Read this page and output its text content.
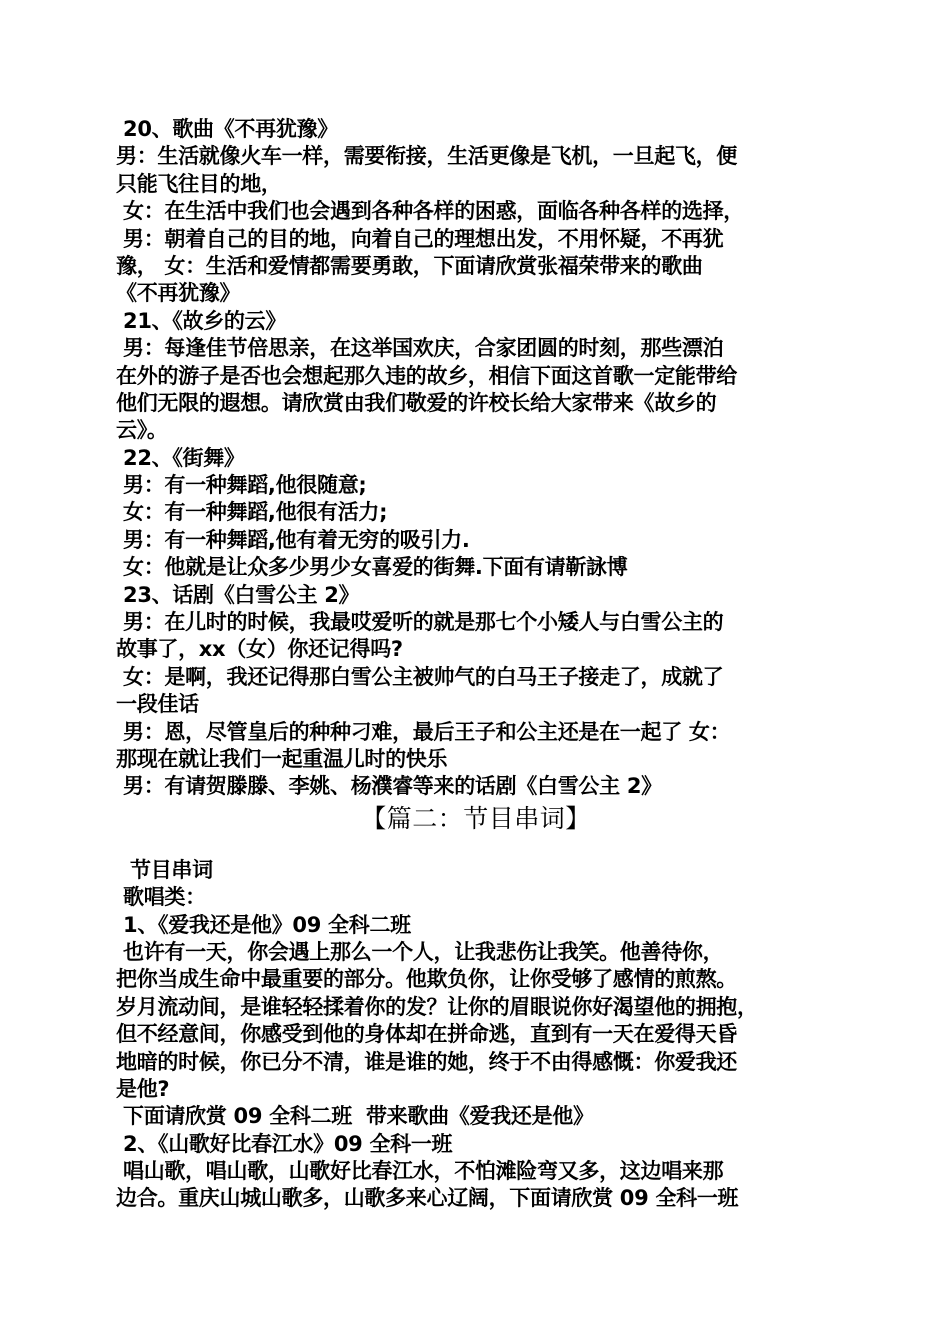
20、歌曲《不再犹豫》
男：生活就像火车一样，需要衔接，生活更像是飞机，一旦起飞，便
只能飞往目的地，
女：在生活中我们也会遇到各种各样的困惑，面临各种各样的选择，
男：朝着自己的目的地，向着自己的理想出发，不用怀疑，不再犹
豫， 女：生活和爱情都需要勇敢，下面请欣赏张福荣带来的歌曲
《不再犹豫》
21、《故乡的云》
男：每逢佳节倍思亲，在这举国欢庆，合家团圆的时刻，那些漂泊
在外的游子是否也会想起那久违的故乡，相信下面这首歌一定能带给
他们无限的遐想。请欣赏由我们敬爱的许校长给大家带来《故乡的
云》。
22、《街舞》
男：有一种舞蹈,他很随意;
女：有一种舞蹈,他很有活力;
男：有一种舞蹈,他有着无穷的吸引力.
女：他就是让众多少男少女喜爱的街舞.下面有请靳詠博
23、话剧《白雪公主 2》
男：在儿时的时候，我最哎爱听的就是那七个小矮人与白雪公主的
故事了，xx（女）你还记得吗?
女：是啊，我还记得那白雪公主被帅气的白马王子接走了，成就了
一段佳话
男：恩，尽管皇后的种种刁难，最后王子和公主还是在一起了 女：
那现在就让我们一起重温儿时的快乐
男：有请贺滕滕、李姚、杨濮睿等来的话剧《白雪公主 2》
【篇二：节目串词】
节目串词
歌唱类：
1、《爱我还是他》09 全科二班
也许有一天，你会遇上那么一个人，让我悲伤让我笑。他善待你，
把你当成生命中最重要的部分。他欺负你，让你受够了感情的煎熬。
岁月流动间，是谁轻轻揉着你的发？让你的眉眼说你好渴望他的拥抱，
但不经意间，你感受到他的身体却在拼命逃，直到有一天在爱得天昏
地暗的时候，你已分不清，谁是谁的她，终于不由得感慨：你爱我还
是他?
下面请欣赏 09 全科二班  带来歌曲《爱我还是他》
2、《山歌好比春江水》09 全科一班
唱山歌，唱山歌，山歌好比春江水，不怕滩险弯又多，这边唱来那
边合。重庆山城山歌多，山歌多来心辽阔，下面请欣赏 09 全科一班
